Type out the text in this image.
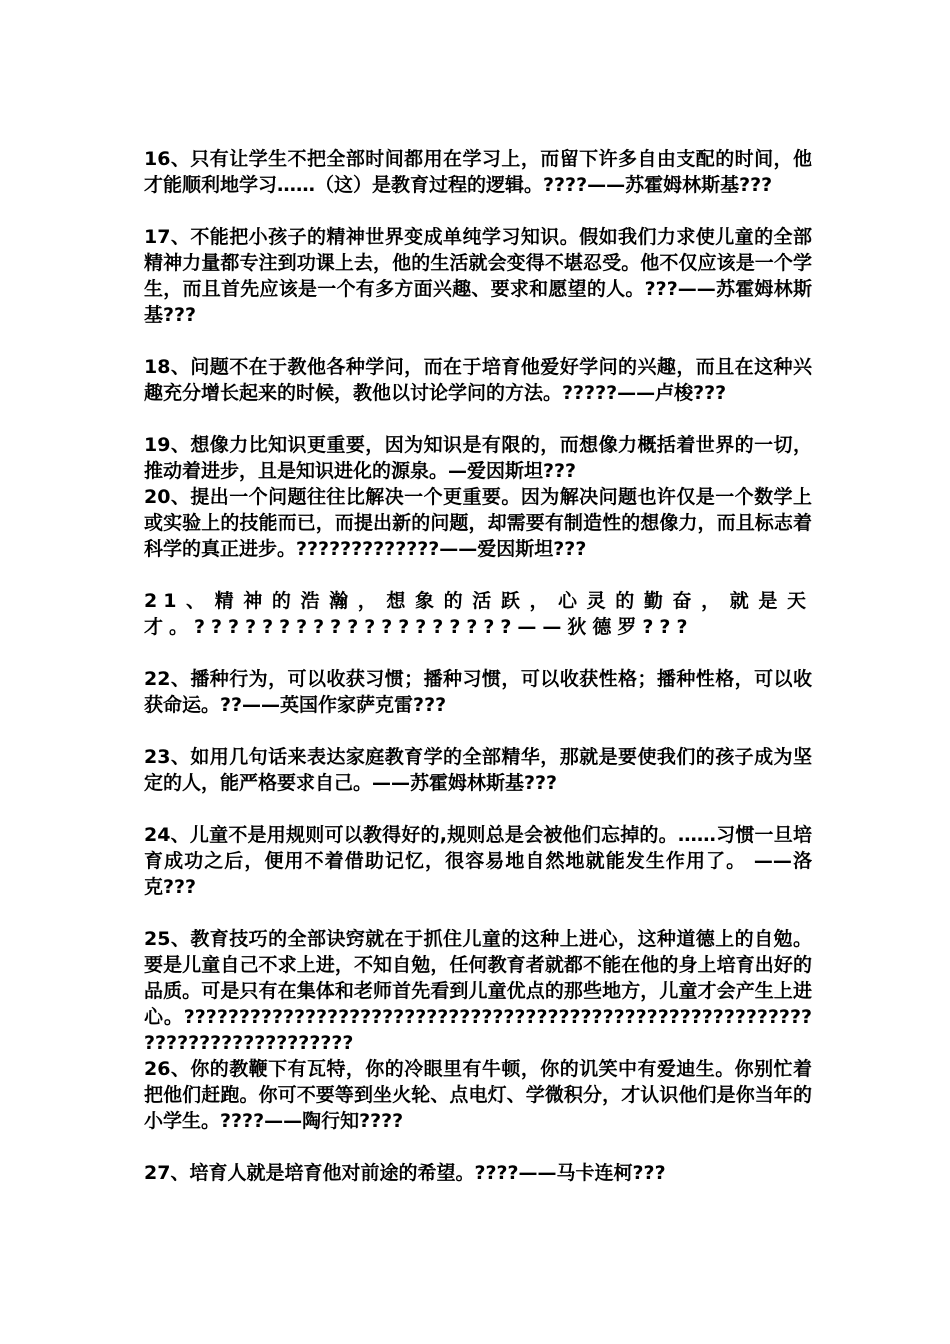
16、只有让学生不把全部时间都用在学习上，而留下许多自由支配的时间，他才能顺利地学习……（这）是教育过程的逻辑。????——苏霍姆林斯基???

17、不能把小孩子的精神世界变成单纯学习知识。假如我们力求使儿童的全部精神力量都专注到功课上去，他的生活就会变得不堪忍受。他不仅应该是一个学生，而且首先应该是一个有多方面兴趣、要求和愿望的人。???——苏霍姆林斯基???

18、问题不在于教他各种学问，而在于培育他爱好学问的兴趣，而且在这种兴趣充分增长起来的时候，教他以讨论学问的方法。?????——卢梭???

19、想像力比知识更重要，因为知识是有限的，而想像力概括着世界的一切，推动着进步，且是知识进化的源泉。—爱因斯坦???

20、提出一个问题往往比解决一个更重要。因为解决问题也许仅是一个数学上或实验上的技能而已，而提出新的问题，却需要有制造性的想像力，而且标志着科学的真正进步。?????????????——爱因斯坦???

21、精神的浩瀚，想象的活跃，心灵的勤奋，就是天才。???????????????????——狄德罗???

22、播种行为，可以收获习惯；播种习惯，可以收获性格；播种性格，可以收获命运。??——英国作家萨克雷???

23、如用几句话来表达家庭教育学的全部精华，那就是要使我们的孩子成为坚定的人，能严格要求自己。——苏霍姆林斯基???

24、儿童不是用规则可以教得好的,规则总是会被他们忘掉的。……习惯一旦培育成功之后，便用不着借助记忆，很容易地自然地就能发生作用了。 ——洛克???

25、教育技巧的全部诀窍就在于抓住儿童的这种上进心，这种道德上的自勉。要是儿童自己不求上进，不知自勉，任何教育者就都不能在他的身上培育出好的品质。可是只有在集体和老师首先看到儿童优点的那些地方，儿童才会产生上进心。????????????????????????????????????????????????????????????????????????????

26、你的教鞭下有瓦特，你的冷眼里有牛顿，你的讥笑中有爱迪生。你别忙着把他们赶跑。你可不要等到坐火轮、点电灯、学微积分，才认识他们是你当年的小学生。????——陶行知????

27、培育人就是培育他对前途的希望。????——马卡连柯???
